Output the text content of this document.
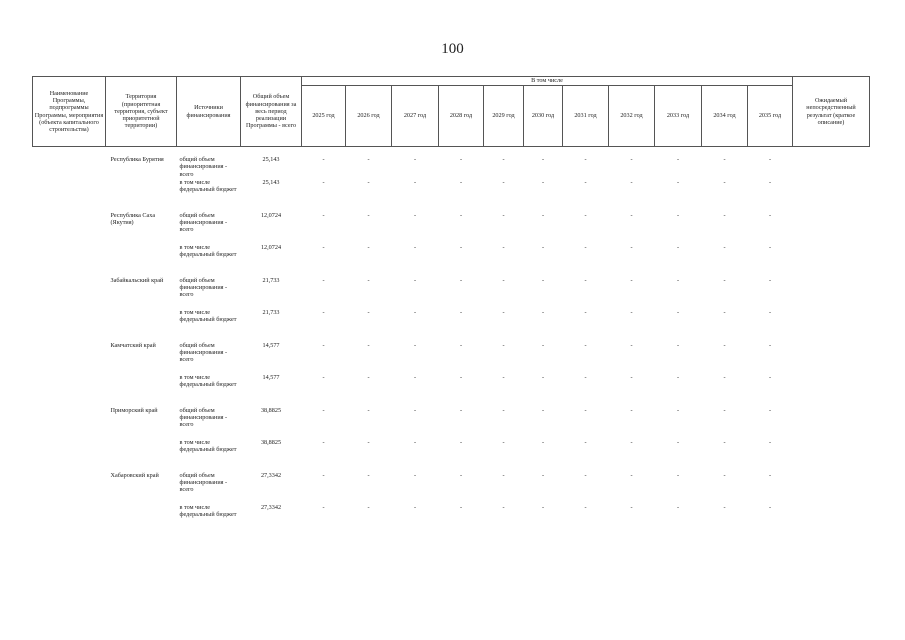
100
Наименование Программы, подпрограммы Программы, мероприятия (объекта капитального строительства)	Территория (приоритетная территория, субъект приоритетной территории)	Источники финансирования	Общий объем финансирования за весь период реализации Программы - всего	В том числе											Ожидаемый непосредственный результат (краткое описание)
				2025 год	2026 год	2027 год	2028 год	2029 год	2030 год	2031 год	2032 год	2033 год	2034 год	2035 год	
	Республика Бурятия	общий объем финансирования - всего	25,143	-	-	-	-	-	-	-	-	-	-	-	
		в том числе федеральный бюджет	25,143	-	-	-	-	-	-	-	-	-	-	-	
	Республика Саха (Якутия)	общий объем финансирования - всего	12,0724	-	-	-	-	-	-	-	-	-	-	-	
		в том числе федеральный бюджет	12,0724	-	-	-	-	-	-	-	-	-	-	-	
	Забайкальский край	общий объем финансирования - всего	21,733	-	-	-	-	-	-	-	-	-	-	-	
		в том числе федеральный бюджет	21,733	-	-	-	-	-	-	-	-	-	-	-	
	Камчатский край	общий объем финансирования - всего	14,577	-	-	-	-	-	-	-	-	-	-	-	
		в том числе федеральный бюджет	14,577	-	-	-	-	-	-	-	-	-	-	-	
	Приморский край	общий объем финансирования - всего	38,8825	-	-	-	-	-	-	-	-	-	-	-	
		в том числе федеральный бюджет	38,8825	-	-	-	-	-	-	-	-	-	-	-	
	Хабаровский край	общий объем финансирования - всего	27,3342	-	-	-	-	-	-	-	-	-	-	-	
		в том числе федеральный бюджет	27,3342	-	-	-	-	-	-	-	-	-	-	-	
